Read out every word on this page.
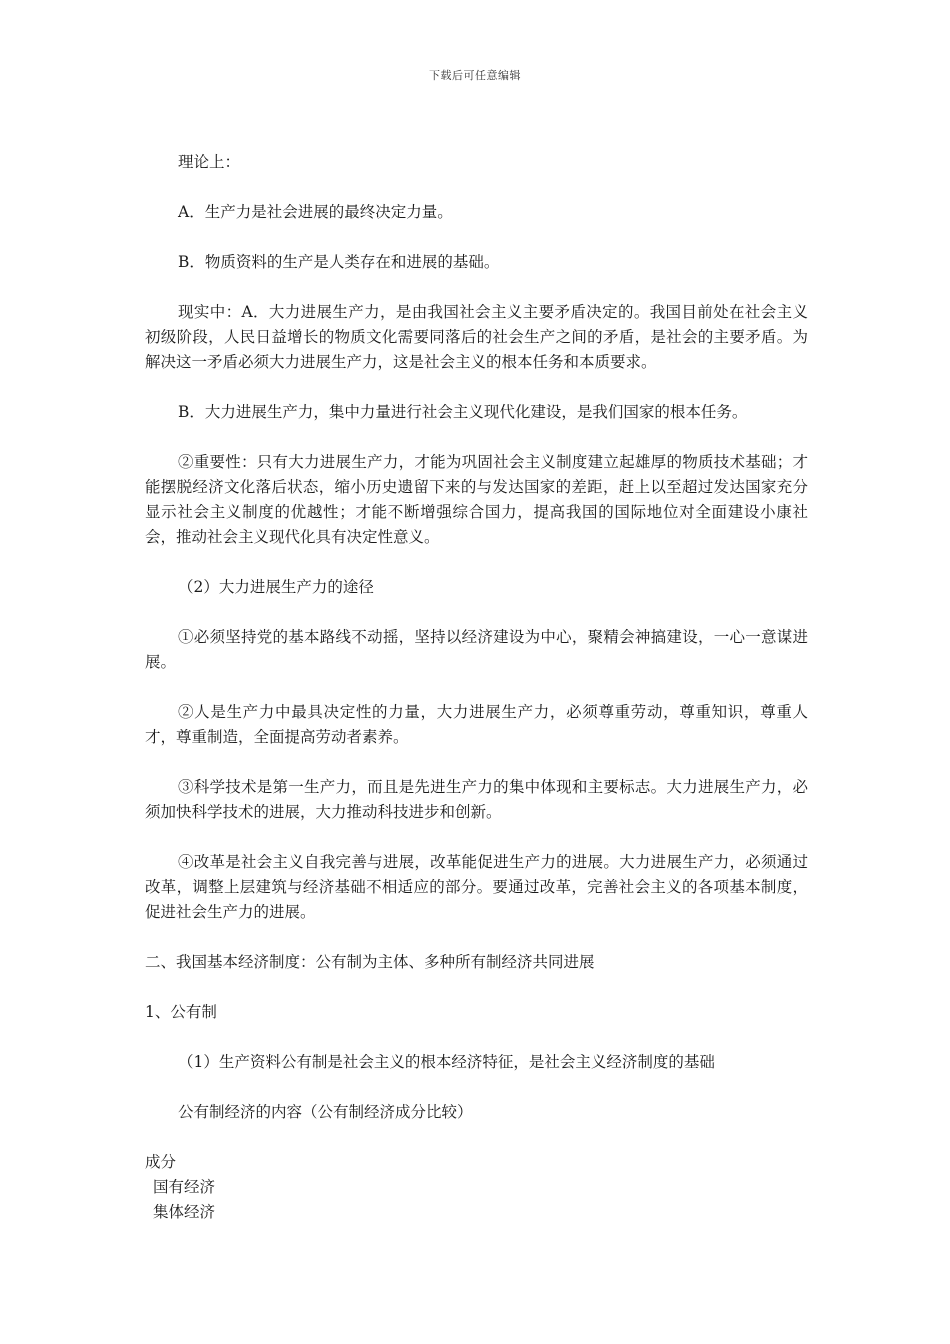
下载后可任意编辑

理论上：

A．生产力是社会进展的最终决定力量。

B．物质资料的生产是人类存在和进展的基础。

现实中：A．大力进展生产力，是由我国社会主义主要矛盾决定的。我国目前处在社会主义初级阶段，人民日益增长的物质文化需要同落后的社会生产之间的矛盾，是社会的主要矛盾。为解决这一矛盾必须大力进展生产力，这是社会主义的根本任务和本质要求。

B．大力进展生产力，集中力量进行社会主义现代化建设，是我们国家的根本任务。

②重要性：只有大力进展生产力，才能为巩固社会主义制度建立起雄厚的物质技术基础；才能摆脱经济文化落后状态，缩小历史遗留下来的与发达国家的差距，赶上以至超过发达国家充分显示社会主义制度的优越性；才能不断增强综合国力，提高我国的国际地位对全面建设小康社会，推动社会主义现代化具有决定性意义。

（2）大力进展生产力的途径

①必须坚持党的基本路线不动摇，坚持以经济建设为中心，聚精会神搞建设，一心一意谋进展。

②人是生产力中最具决定性的力量，大力进展生产力，必须尊重劳动，尊重知识，尊重人才，尊重制造，全面提高劳动者素养。

③科学技术是第一生产力，而且是先进生产力的集中体现和主要标志。大力进展生产力，必须加快科学技术的进展，大力推动科技进步和创新。

④改革是社会主义自我完善与进展，改革能促进生产力的进展。大力进展生产力，必须通过改革，调整上层建筑与经济基础不相适应的部分。要通过改革，完善社会主义的各项基本制度，促进社会生产力的进展。

二、我国基本经济制度：公有制为主体、多种所有制经济共同进展

1、公有制

（1）生产资料公有制是社会主义的根本经济特征，是社会主义经济制度的基础

公有制经济的内容（公有制经济成分比较）

成分
国有经济
集体经济
